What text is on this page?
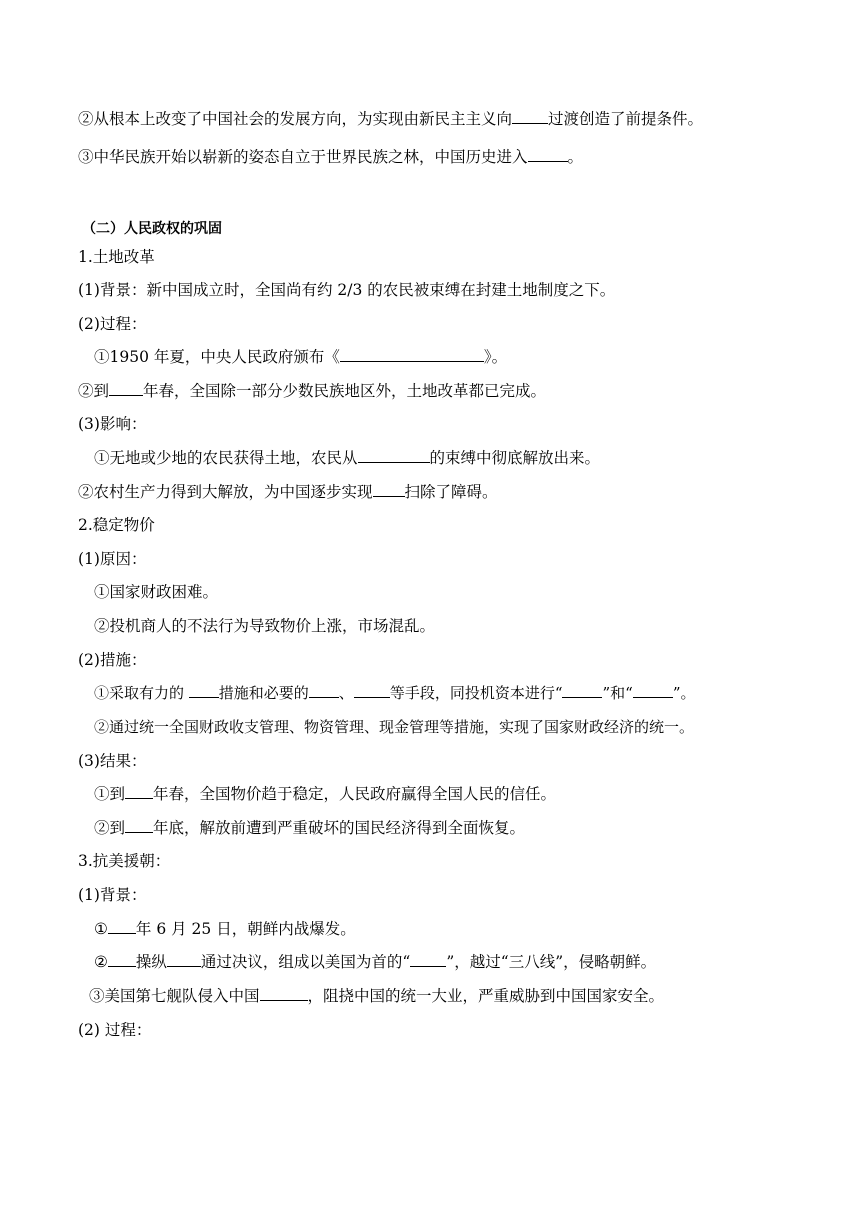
②从根本上改变了中国社会的发展方向，为实现由新民主主义向 过渡创造了前提条件。
③中华民族开始以崭新的姿态自立于世界民族之林，中国历史进入	。
（二）人民政权的巩固
1.土地改革
(1)背景：新中国成立时，全国尚有约 2/3 的农民被束缚在封建土地制度之下。
(2)过程：
①1950 年夏，中央人民政府颁布《	》。
②到 年春，全国除一部分少数民族地区外，土地改革都已完成。
(3)影响：
①无地或少地的农民获得土地，农民从	的束缚中彻底解放出来。
②农村生产力得到大解放，为中国逐步实现 扫除了障碍。
2.稳定物价
(1)原因：
①国家财政困难。
②投机商人的不法行为导致物价上涨，市场混乱。
(2)措施：
①采取有力的 措施和必要的 、 等手段，同投机资本进行“	”和“	”。
②通过统一全国财政收支管理、物资管理、现金管理等措施，实现了国家财政经济的统一。
(3)结果：
①到 年春，全国物价趋于稳定，人民政府赢得全国人民的信任。
②到 年底，解放前遭到严重破坏的国民经济得到全面恢复。
3.抗美援朝：
(1)背景：
① 年 6 月 25 日，朝鲜内战爆发。
② 操纵 通过决议，组成以美国为首的“ ”，越过“三八线”，侵略朝鲜。
③美国第七舰队侵入中国	，阻挠中国的统一大业，严重威胁到中国国家安全。
(2) 过程：
